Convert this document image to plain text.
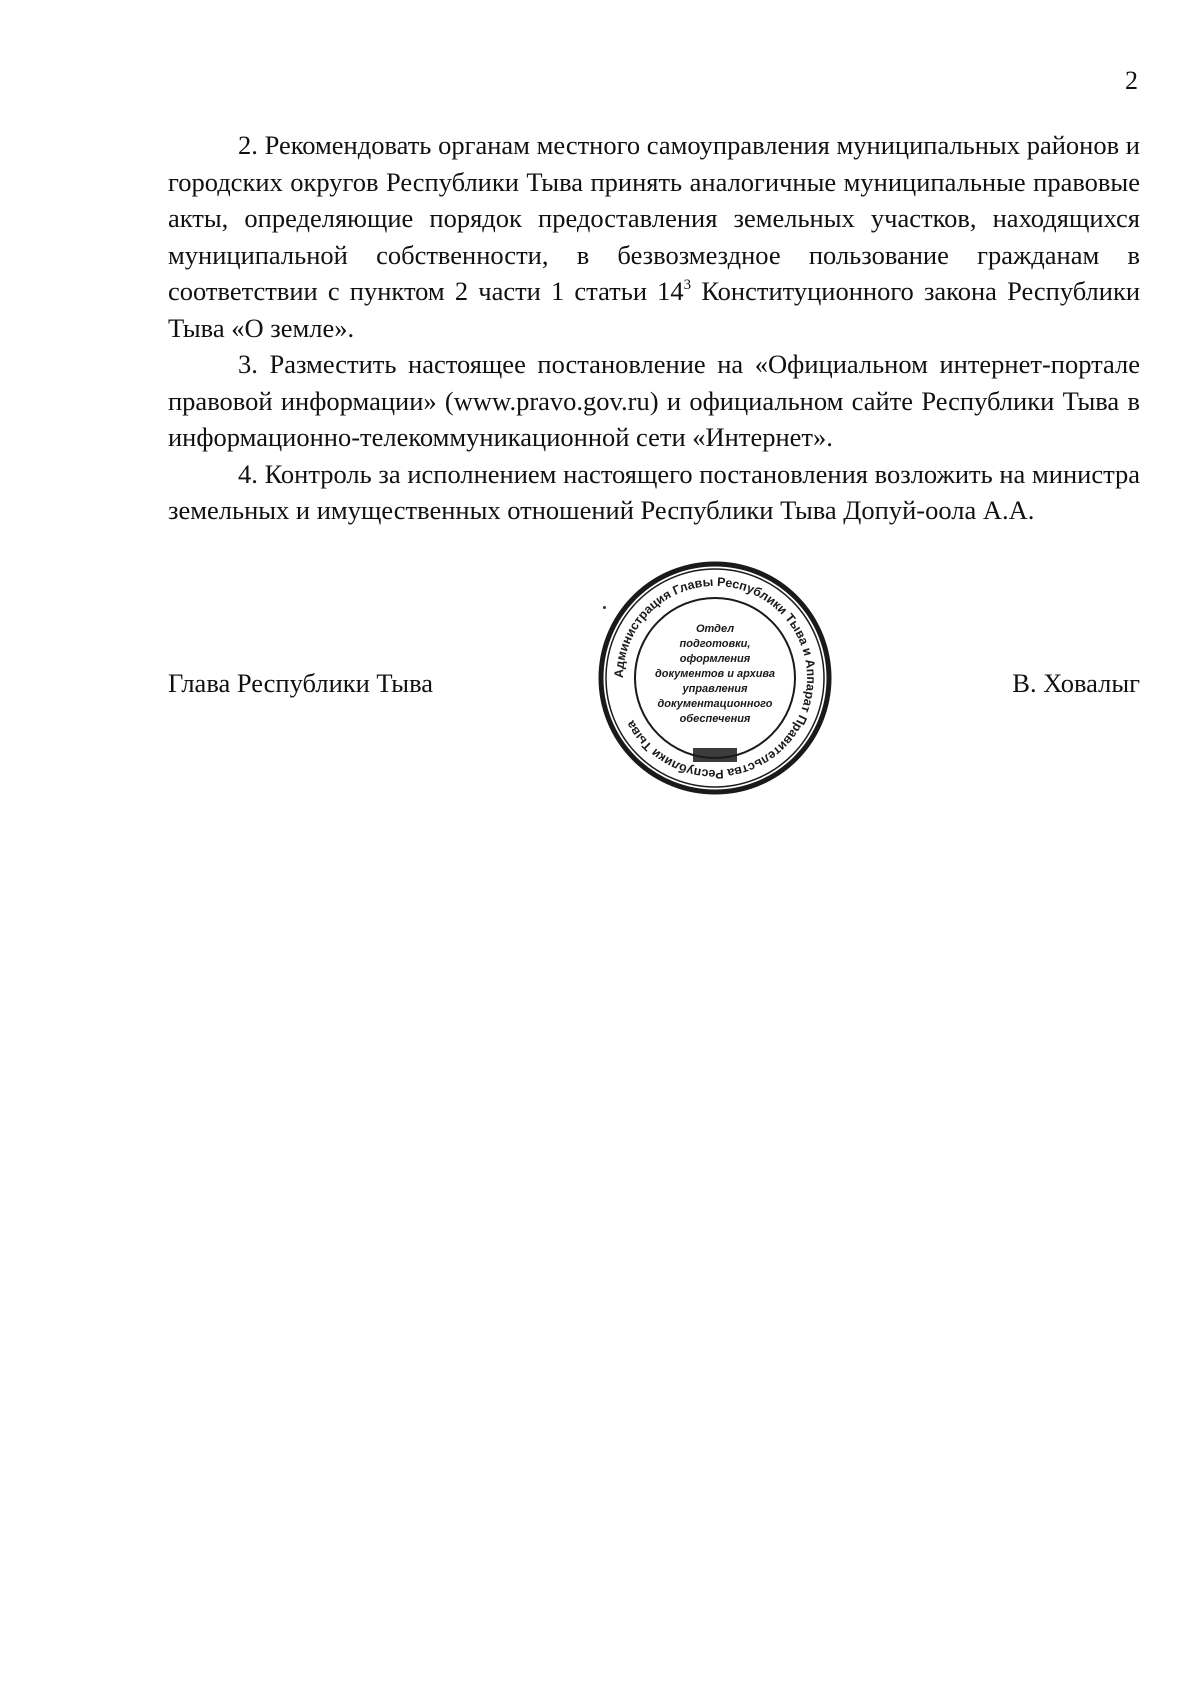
2

2. Рекомендовать органам местного самоуправления муниципальных районов и городских округов Республики Тыва принять аналогичные муниципальные правовые акты, определяющие порядок предоставления земельных участков, находящихся муниципальной собственности, в безвозмездное пользование гражданам в соответствии с пунктом 2 части 1 статьи $14^3$ Конституционного закона Республики Тыва «О земле».

3. Разместить настоящее постановление на «Официальном интернет-портале правовой информации» (www.pravo.gov.ru) и официальном сайте Республики Тыва в информационно-телекоммуникационной сети «Интернет».

4. Контроль за исполнением настоящего постановления возложить на министра земельных и имущественных отношений Республики Тыва Допуй-оола А.А.

Глава Республики Тыва	В. Ховалыг
Администрация Главы Республики Тыва и Аппарат Правительства Республики Тыва
Отдел
подготовки,
оформления
документов и архива
управления
документационного
обеспечения
